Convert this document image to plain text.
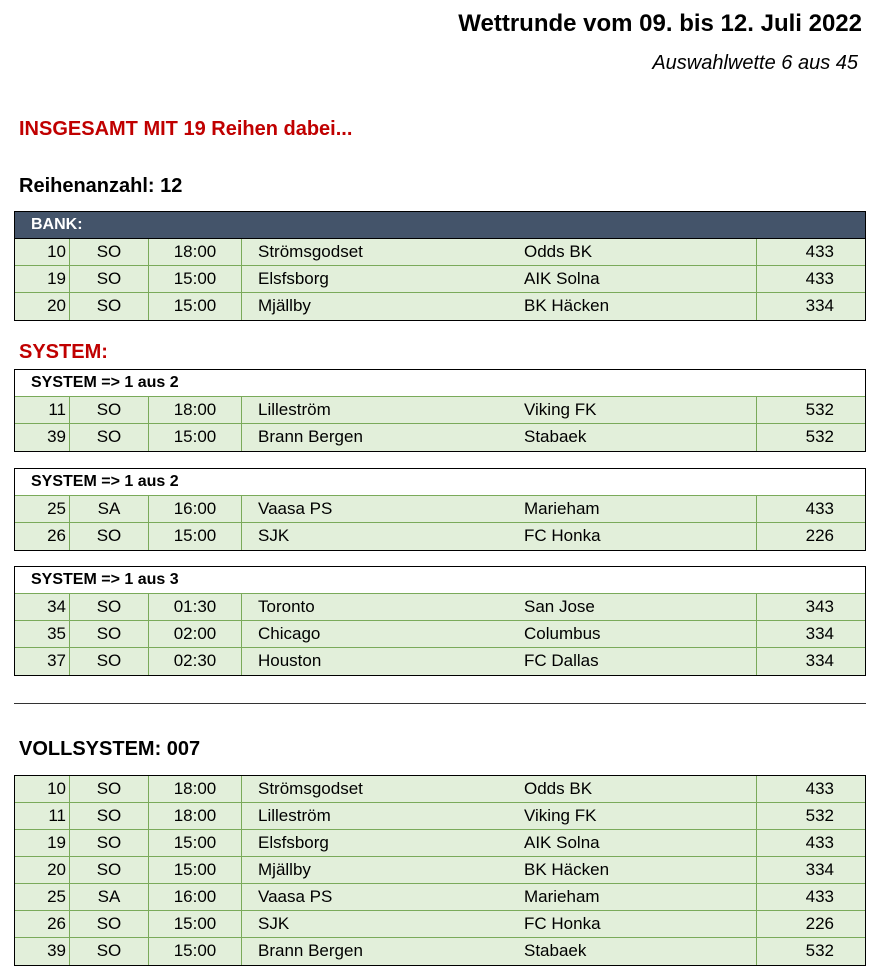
Wettrunde vom 09. bis 12. Juli 2022
Auswahlwette 6 aus 45
INSGESAMT MIT 19 Reihen dabei...
Reihenanzahl: 12
BANK:
10	SO	18:00	Strömsgodset	Odds BK	433
19	SO	15:00	Elsfsborg	AIK Solna	433
20	SO	15:00	Mjällby	BK Häcken	334
SYSTEM:
SYSTEM => 1 aus 2
11	SO	18:00	Lilleström	Viking FK	532
39	SO	15:00	Brann Bergen	Stabaek	532
SYSTEM => 1 aus 2
25	SA	16:00	Vaasa PS	Marieham	433
26	SO	15:00	SJK	FC Honka	226
SYSTEM => 1 aus 3
34	SO	01:30	Toronto	San Jose	343
35	SO	02:00	Chicago	Columbus	334
37	SO	02:30	Houston	FC Dallas	334
VOLLSYSTEM: 007
10	SO	18:00	Strömsgodset	Odds BK	433
11	SO	18:00	Lilleström	Viking FK	532
19	SO	15:00	Elsfsborg	AIK Solna	433
20	SO	15:00	Mjällby	BK Häcken	334
25	SA	16:00	Vaasa PS	Marieham	433
26	SO	15:00	SJK	FC Honka	226
39	SO	15:00	Brann Bergen	Stabaek	532
